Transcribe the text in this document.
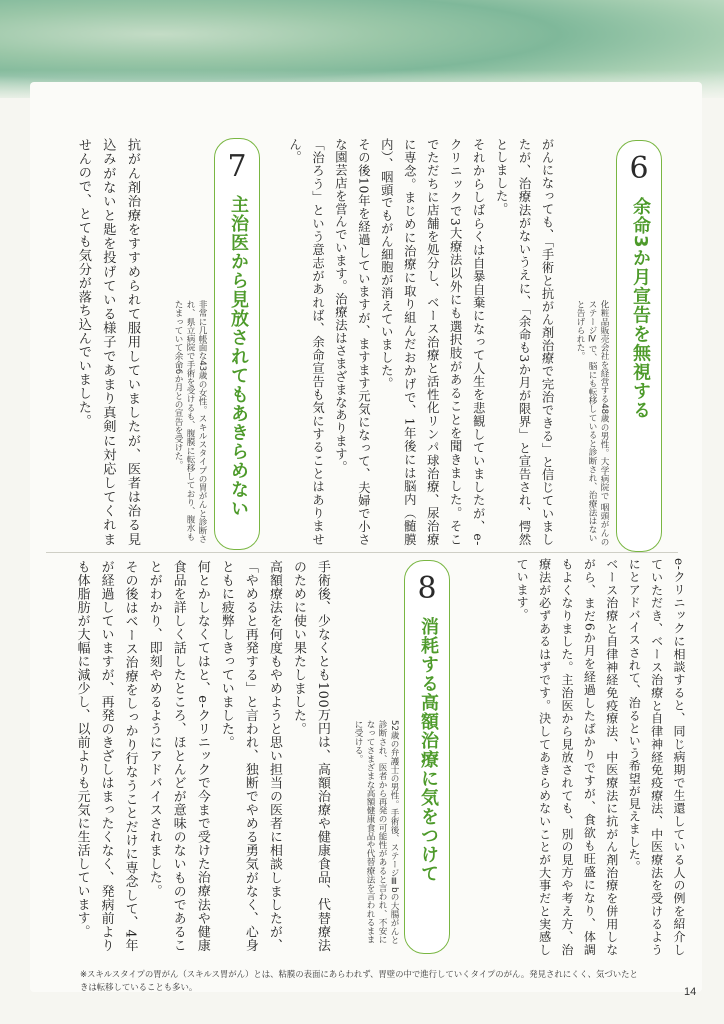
6
余命3か月宣告を無視する
化粧品販売会社を経営する48歳の男性。大学病院で 咽頭がんのステージⅣで、脳にも転移していると診断され、治療法はないと告げられた。

がんになっても、「手術と抗がん剤治療で完治できる」と信じていましたが、治療法がないうえに、「余命も3か月が限界」と宣告され、愕然としました。

それからしばらくは自暴自棄になって人生を悲観していましたが、e-クリニックで3大療法以外にも選択肢があることを聞きました。そこでただちに店舗を処分し、ベース治療と活性化リンパ球治療、尿治療に専念。まじめに治療に取り組んだおかげで、1年後には脳内（髄膜内）、咽頭でもがん細胞が消えていました。

その後10年を経過していますが、ますます元気になって、夫婦で小さな園芸店を営んでいます。治療法はさまざまなあります。

「治ろう」という意志があれば、余命宣告も気にすることはありません。

7
主治医から見放されてもあきらめない
非常に几帳面な43歳の女性。スキルスタイプの胃がんと診断され、県立病院で手術を受けるも、腹膜に転移しており、腹水もたまっていて余命6か月との宣告を受けた。

抗がん剤治療をすすめられて服用していましたが、医者は治る見込みがないと匙を投げている様子であまり真剣に対応してくれませんので、とても気分が落ち込んでいました。

e-クリニックに相談すると、同じ病期で生還している人の例を紹介していただき、ベース治療と自律神経免疫療法、中医療法を受けるようにとアドバイスされて、治るという希望が見えました。

ベース治療と自律神経免疫療法、中医療法に抗がん剤治療を併用しながら、まだ6か月を経過したばかりですが、食欲も旺盛になり、体調もよくなりました。主治医から見放されても、別の見方や考え方、治療法が必ずあるはずです。決してあきらめないことが大事だと実感しています。

8
消耗する高額治療に気をつけて
52歳の弁護士の男性。手術後、ステージⅢbの大腸がんと診断され、医者から再発の可能性があると言われ、不安になってさまざまな高額健康食品や代替療法を言われるままに受ける。

手術後、少なくとも100万円は、高額治療や健康食品、代替療法のために使い果たしました。

高額療法を何度もやめようと思い担当の医者に相談しましたが、「やめると再発する」と言われ、独断でやめる勇気がなく、心身ともに疲弊しきっていました。

何とかしなくてはと、e-クリニックで今まで受けた治療法や健康食品を詳しく話したところ、ほとんどが意味のないものであることがわかり、即刻やめるようにアドバイスされました。

その後はベース治療をしっかり行なうことだけに専念して、4年が経過していますが、再発のきざしはまったくなく、発病前よりも体脂肪が大幅に減少し、以前よりも元気に生活しています。

※スキルスタイプの胃がん（スキルス胃がん）とは、粘膜の表面にあらわれず、胃壁の中で進行していくタイプのがん。発見されにくく、気づいたときは転移していることも多い。	14
